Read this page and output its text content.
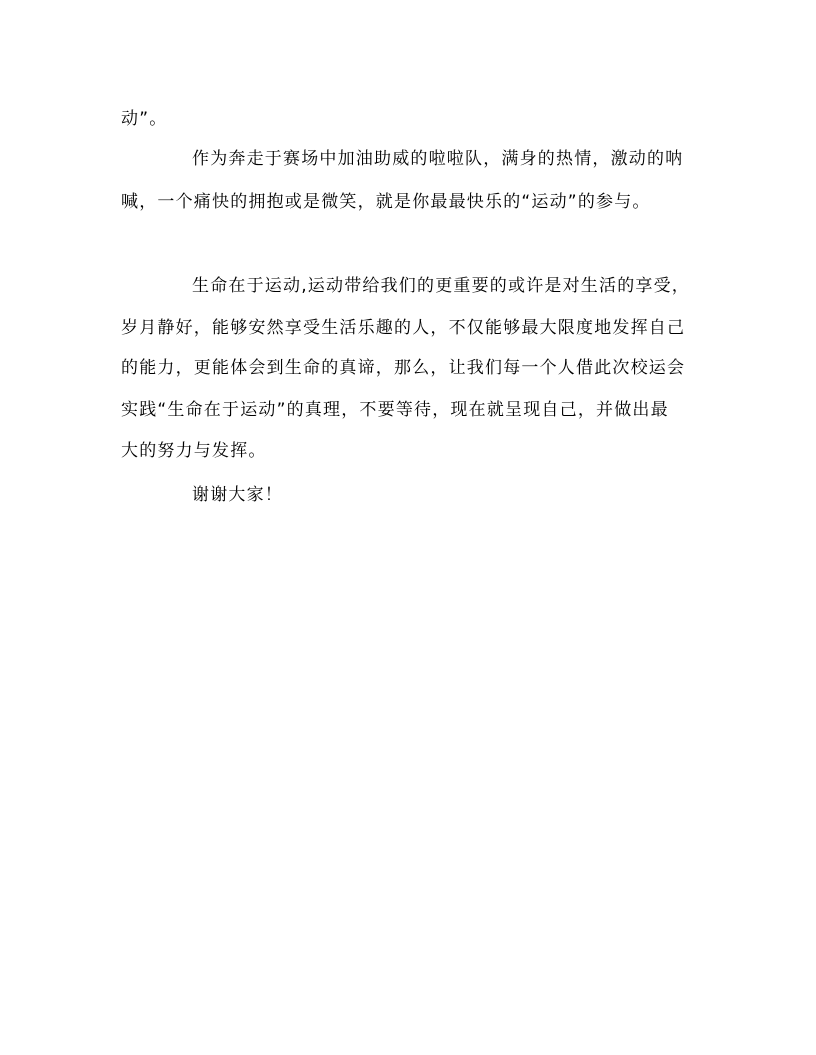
动”。
作为奔走于赛场中加油助威的啦啦队，满身的热情，激动的呐
喊，一个痛快的拥抱或是微笑，就是你最最快乐的“运动”的参与。
生命在于运动,运动带给我们的更重要的或许是对生活的享受，
岁月静好，能够安然享受生活乐趣的人，不仅能够最大限度地发挥自己
的能力，更能体会到生命的真谛，那么，让我们每一个人借此次校运会
实践“生命在于运动”的真理，不要等待，现在就呈现自己，并做出最
大的努力与发挥。
谢谢大家！
